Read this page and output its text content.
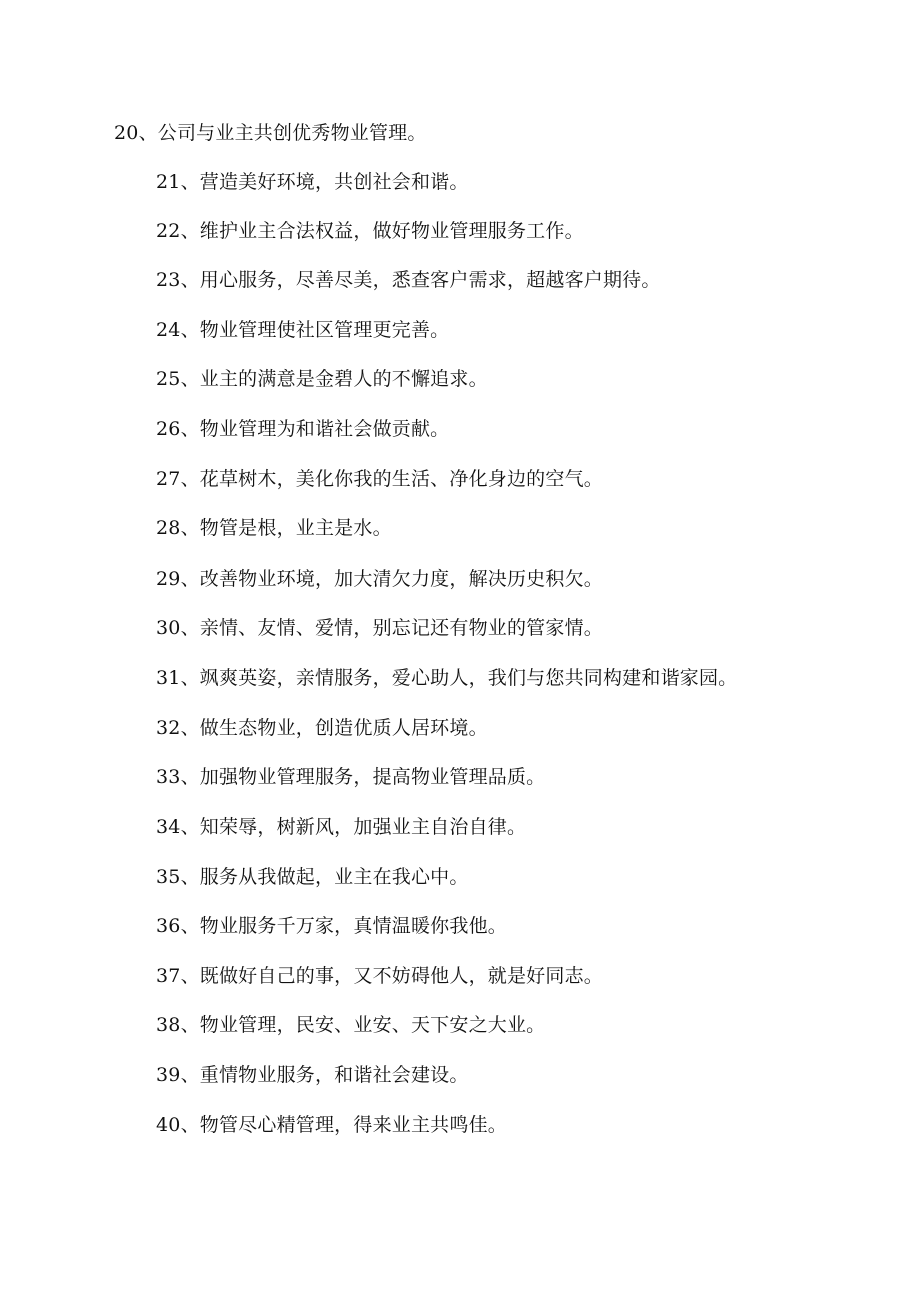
20、公司与业主共创优秀物业管理。
21、营造美好环境，共创社会和谐。
22、维护业主合法权益，做好物业管理服务工作。
23、用心服务，尽善尽美，悉查客户需求，超越客户期待。
24、物业管理使社区管理更完善。
25、业主的满意是金碧人的不懈追求。
26、物业管理为和谐社会做贡献。
27、花草树木，美化你我的生活、净化身边的空气。
28、物管是根，业主是水。
29、改善物业环境，加大清欠力度，解决历史积欠。
30、亲情、友情、爱情，别忘记还有物业的管家情。
31、飒爽英姿，亲情服务，爱心助人，我们与您共同构建和谐家园。
32、做生态物业，创造优质人居环境。
33、加强物业管理服务，提高物业管理品质。
34、知荣辱，树新风，加强业主自治自律。
35、服务从我做起，业主在我心中。
36、物业服务千万家，真情温暖你我他。
37、既做好自己的事，又不妨碍他人，就是好同志。
38、物业管理，民安、业安、天下安之大业。
39、重情物业服务，和谐社会建设。
40、物管尽心精管理，得来业主共鸣佳。
